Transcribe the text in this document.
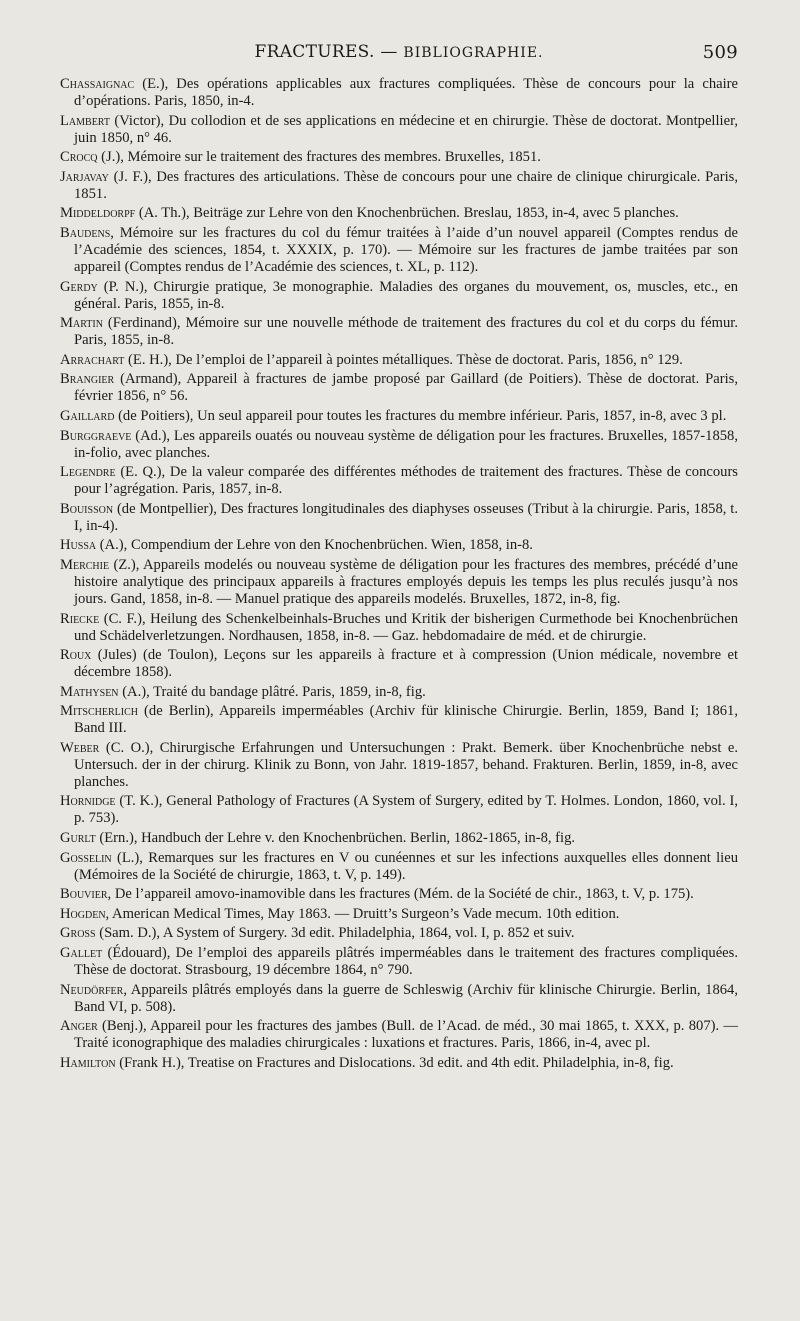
FRACTURES. — BIBLIOGRAPHIE.	509

Chassaignac (E.), Des opérations applicables aux fractures compliquées. Thèse de concours pour la chaire d’opérations. Paris, 1850, in-4.

Lambert (Victor), Du collodion et de ses applications en médecine et en chirurgie. Thèse de doctorat. Montpellier, juin 1850, n° 46.

Crocq (J.), Mémoire sur le traitement des fractures des membres. Bruxelles, 1851.

Jarjavay (J. F.), Des fractures des articulations. Thèse de concours pour une chaire de clinique chirurgicale. Paris, 1851.

Middeldorpf (A. Th.), Beiträge zur Lehre von den Knochenbrüchen. Breslau, 1853, in-4, avec 5 planches.

Baudens, Mémoire sur les fractures du col du fémur traitées à l’aide d’un nouvel appareil (Comptes rendus de l’Académie des sciences, 1854, t. XXXIX, p. 170). — Mémoire sur les fractures de jambe traitées par son appareil (Comptes rendus de l’Académie des sciences, t. XL, p. 112).

Gerdy (P. N.), Chirurgie pratique, 3e monographie. Maladies des organes du mouvement, os, muscles, etc., en général. Paris, 1855, in-8.

Martin (Ferdinand), Mémoire sur une nouvelle méthode de traitement des fractures du col et du corps du fémur. Paris, 1855, in-8.

Arrachart (E. H.), De l’emploi de l’appareil à pointes métalliques. Thèse de doctorat. Paris, 1856, n° 129.

Brangier (Armand), Appareil à fractures de jambe proposé par Gaillard (de Poitiers). Thèse de doctorat. Paris, février 1856, n° 56.

Gaillard (de Poitiers), Un seul appareil pour toutes les fractures du membre inférieur. Paris, 1857, in-8, avec 3 pl.

Burggraeve (Ad.), Les appareils ouatés ou nouveau système de déligation pour les fractures. Bruxelles, 1857-1858, in-folio, avec planches.

Legendre (E. Q.), De la valeur comparée des différentes méthodes de traitement des fractures. Thèse de concours pour l’agrégation. Paris, 1857, in-8.

Bouisson (de Montpellier), Des fractures longitudinales des diaphyses osseuses (Tribut à la chirurgie. Paris, 1858, t. I, in-4).

Hussa (A.), Compendium der Lehre von den Knochenbrüchen. Wien, 1858, in-8.

Merchie (Z.), Appareils modelés ou nouveau système de déligation pour les fractures des membres, précédé d’une histoire analytique des principaux appareils à fractures employés depuis les temps les plus reculés jusqu’à nos jours. Gand, 1858, in-8. — Manuel pratique des appareils modelés. Bruxelles, 1872, in-8, fig.

Riecke (C. F.), Heilung des Schenkelbeinhals-Bruches und Kritik der bisherigen Curmethode bei Knochenbrüchen und Schädelverletzungen. Nordhausen, 1858, in-8. — Gaz. hebdomadaire de méd. et de chirurgie.

Roux (Jules) (de Toulon), Leçons sur les appareils à fracture et à compression (Union médicale, novembre et décembre 1858).

Mathysen (A.), Traité du bandage plâtré. Paris, 1859, in-8, fig.

Mitscherlich (de Berlin), Appareils imperméables (Archiv für klinische Chirurgie. Berlin, 1859, Band I; 1861, Band III.

Weber (C. O.), Chirurgische Erfahrungen und Untersuchungen : Prakt. Bemerk. über Knochenbrüche nebst e. Untersuch. der in der chirurg. Klinik zu Bonn, von Jahr. 1819-1857, behand. Frakturen. Berlin, 1859, in-8, avec planches.

Hornidge (T. K.), General Pathology of Fractures (A System of Surgery, edited by T. Holmes. London, 1860, vol. I, p. 753).

Gurlt (Ern.), Handbuch der Lehre v. den Knochenbrüchen. Berlin, 1862-1865, in-8, fig.

Gosselin (L.), Remarques sur les fractures en V ou cunéennes et sur les infections auxquelles elles donnent lieu (Mémoires de la Société de chirurgie, 1863, t. V, p. 149).

Bouvier, De l’appareil amovo-inamovible dans les fractures (Mém. de la Société de chir., 1863, t. V, p. 175).

Hogden, American Medical Times, May 1863. — Druitt’s Surgeon’s Vade mecum. 10th edition.

Gross (Sam. D.), A System of Surgery. 3d edit. Philadelphia, 1864, vol. I, p. 852 et suiv.

Gallet (Édouard), De l’emploi des appareils plâtrés imperméables dans le traitement des fractures compliquées. Thèse de doctorat. Strasbourg, 19 décembre 1864, n° 790.

Neudörfer, Appareils plâtrés employés dans la guerre de Schleswig (Archiv für klinische Chirurgie. Berlin, 1864, Band VI, p. 508).

Anger (Benj.), Appareil pour les fractures des jambes (Bull. de l’Acad. de méd., 30 mai 1865, t. XXX, p. 807). — Traité iconographique des maladies chirurgicales : luxations et fractures. Paris, 1866, in-4, avec pl.

Hamilton (Frank H.), Treatise on Fractures and Dislocations. 3d edit. and 4th edit. Philadelphia, in-8, fig.
